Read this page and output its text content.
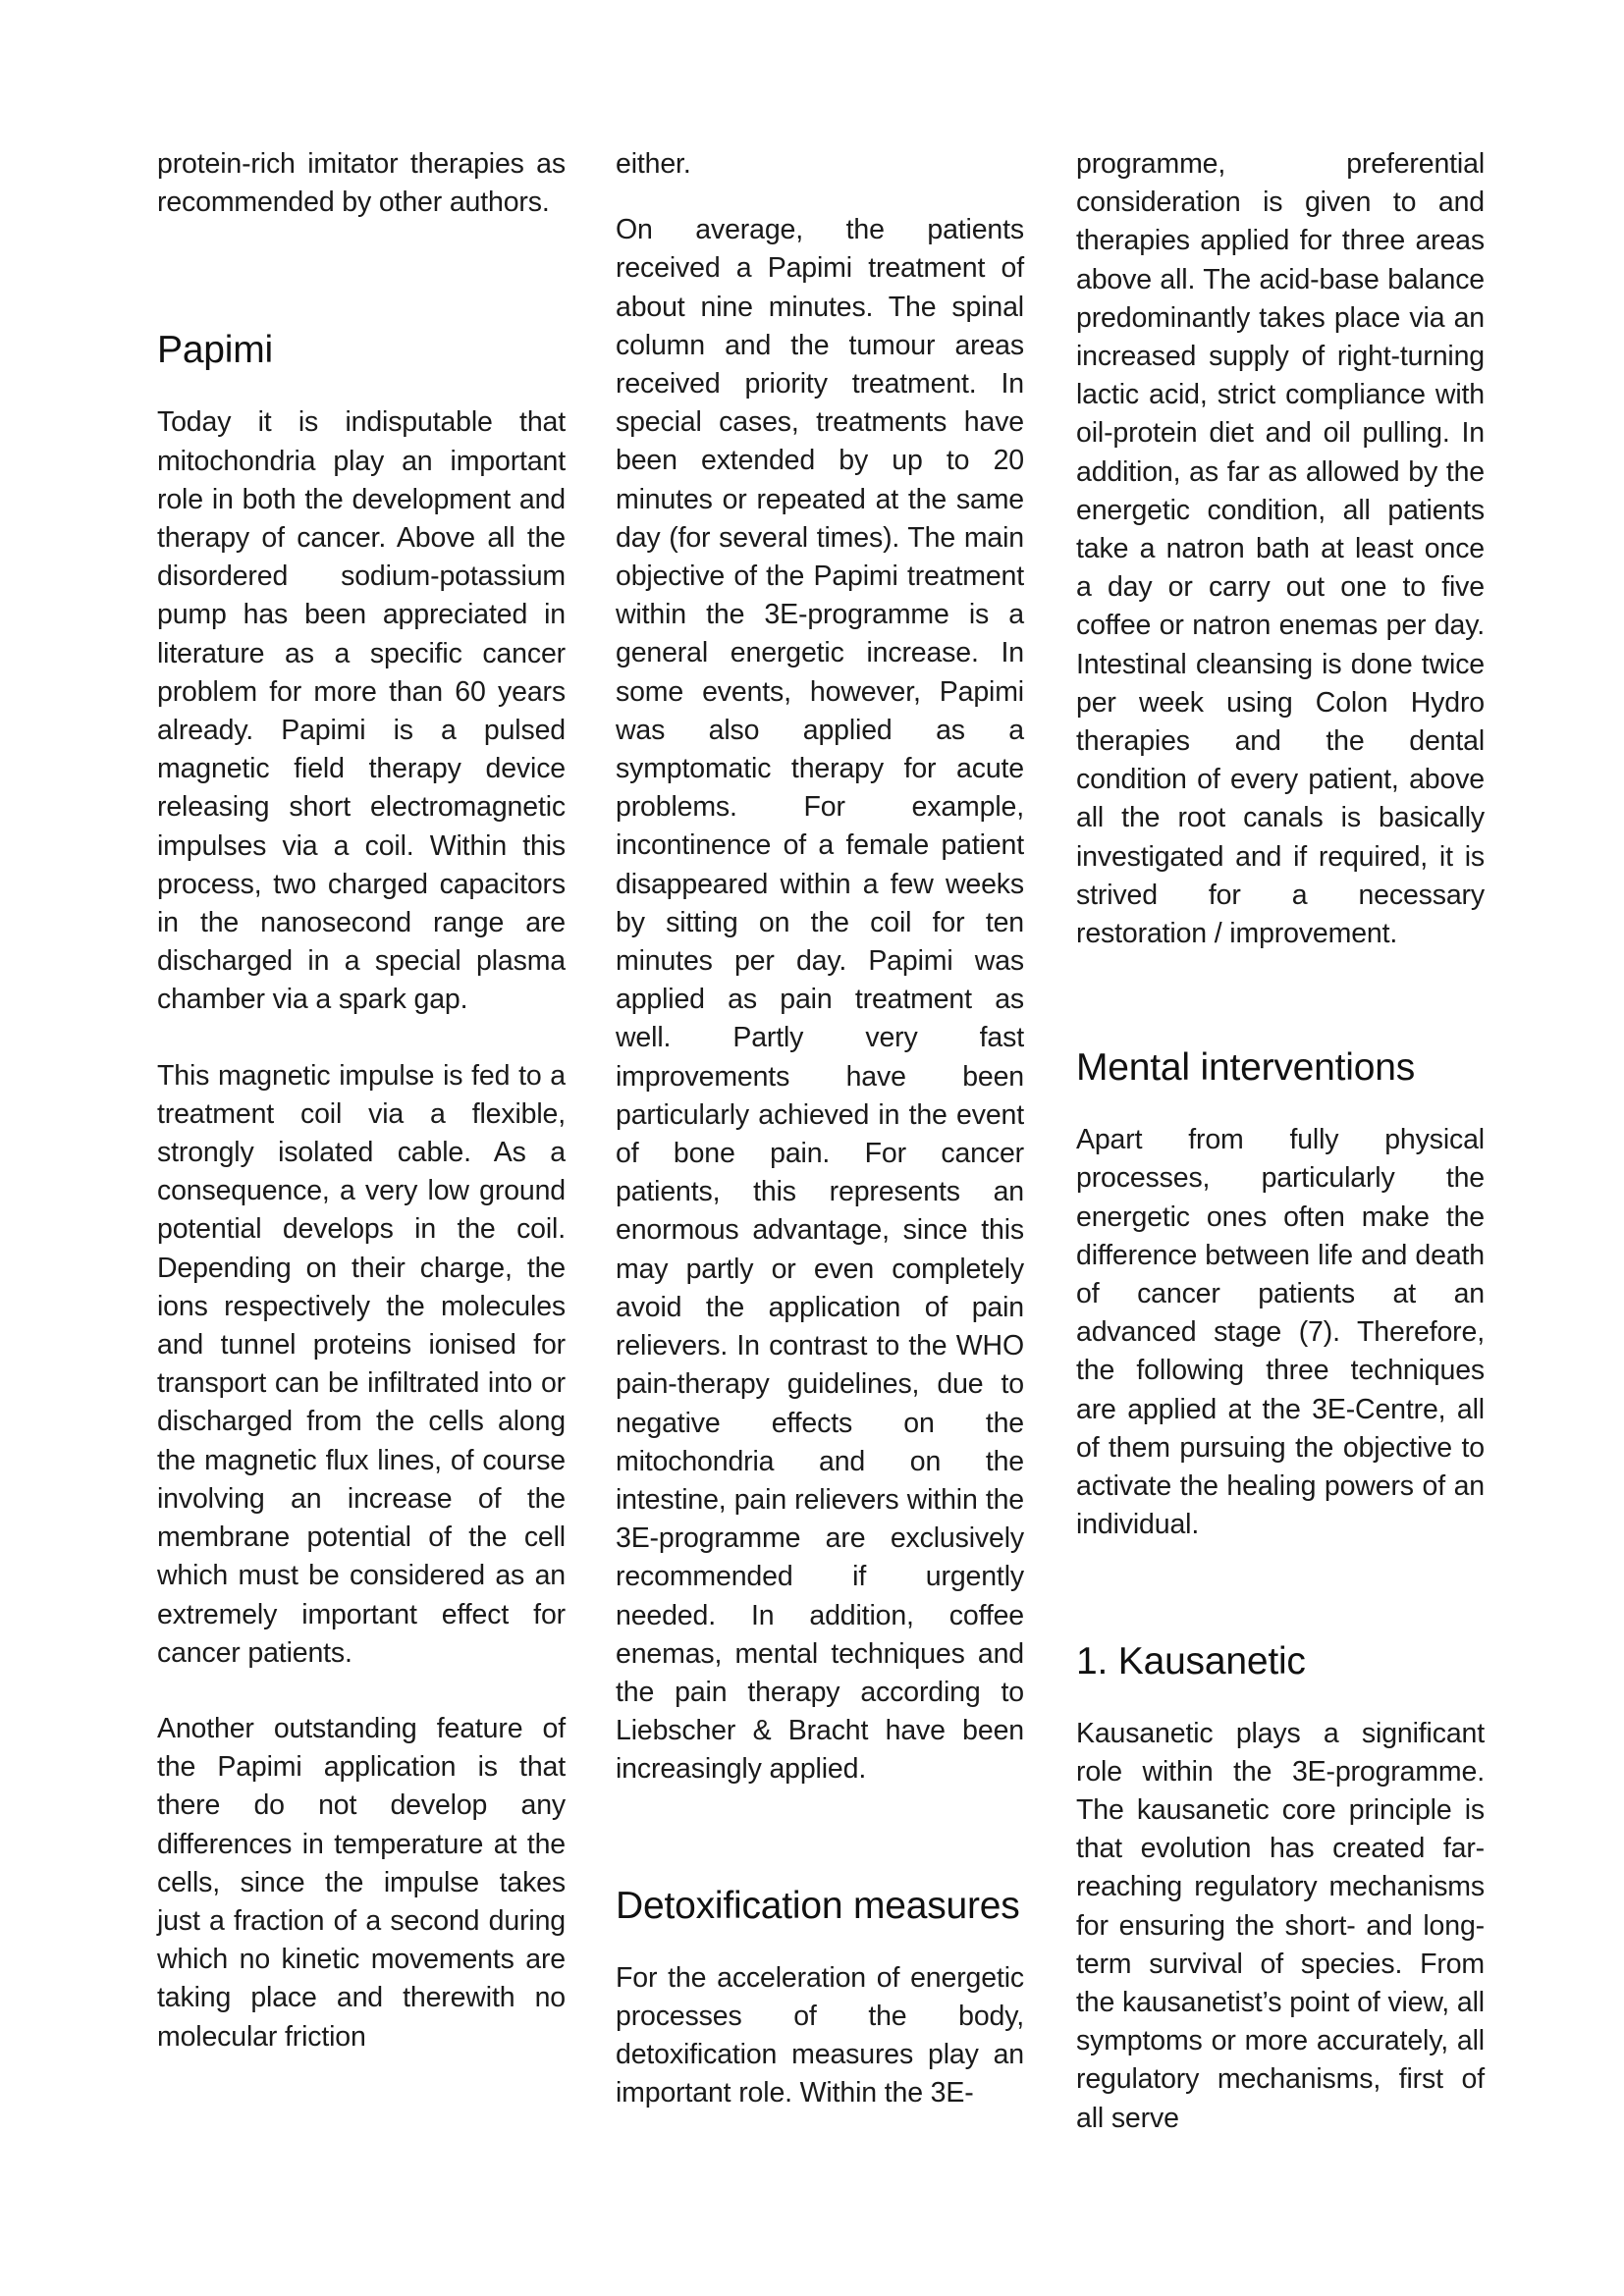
protein-rich imitator therapies as recommended by other authors.

Papimi

Today it is indisputable that mitochondria play an important role in both the development and therapy of cancer. Above all the disordered sodium-potassium pump has been appreciated in literature as a specific cancer problem for more than 60 years already. Papimi is a pulsed magnetic field therapy device releasing short electromagnetic impulses via a coil. Within this process, two charged capacitors in the nanosecond range are discharged in a special plasma chamber via a spark gap.

This magnetic impulse is fed to a treatment coil via a flexible, strongly isolated cable. As a consequence, a very low ground potential develops in the coil. Depending on their charge, the ions respectively the molecules and tunnel proteins ionised for transport can be infiltrated into or discharged from the cells along the magnetic flux lines, of course involving an increase of the membrane potential of the cell which must be considered as an extremely important effect for cancer patients.

Another outstanding feature of the Papimi application is that there do not develop any differences in temperature at the cells, since the impulse takes just a fraction of a second during which no kinetic movements are taking place and therewith no molecular friction

either.

On average, the patients received a Papimi treatment of about nine minutes. The spinal column and the tumour areas received priority treatment. In special cases, treatments have been extended by up to 20 minutes or repeated at the same day (for several times). The main objective of the Papimi treatment within the 3E-programme is a general energetic increase. In some events, however, Papimi was also applied as a symptomatic therapy for acute problems. For example, incontinence of a female patient disappeared within a few weeks by sitting on the coil for ten minutes per day. Papimi was applied as pain treatment as well. Partly very fast improvements have been particularly achieved in the event of bone pain. For cancer patients, this represents an enormous advantage, since this may partly or even completely avoid the application of pain relievers. In contrast to the WHO pain-therapy guidelines, due to negative effects on the mitochondria and on the intestine, pain relievers within the 3E-programme are exclusively recommended if urgently needed. In addition, coffee enemas, mental techniques and the pain therapy according to Liebscher & Bracht have been increasingly applied.

Detoxification measures

For the acceleration of energetic processes of the body, detoxification measures play an important role. Within the 3E-

programme, preferential consideration is given to and therapies applied for three areas above all. The acid-base balance predominantly takes place via an increased supply of right-turning lactic acid, strict compliance with oil-protein diet and oil pulling. In addition, as far as allowed by the energetic condition, all patients take a natron bath at least once a day or carry out one to five coffee or natron enemas per day. Intestinal cleansing is done twice per week using Colon Hydro therapies and the dental condition of every patient, above all the root canals is basically investigated and if required, it is strived for a necessary restoration / improvement.

Mental interventions

Apart from fully physical processes, particularly the energetic ones often make the difference between life and death of cancer patients at an advanced stage (7). Therefore, the following three techniques are applied at the 3E-Centre, all of them pursuing the objective to activate the healing powers of an individual.

1. Kausanetic

Kausanetic plays a significant role within the 3E-programme. The kausanetic core principle is that evolution has created far-reaching regulatory mechanisms for ensuring the short- and long-term survival of species. From the kausanetist’s point of view, all symptoms or more accurately, all regulatory mechanisms, first of all serve
